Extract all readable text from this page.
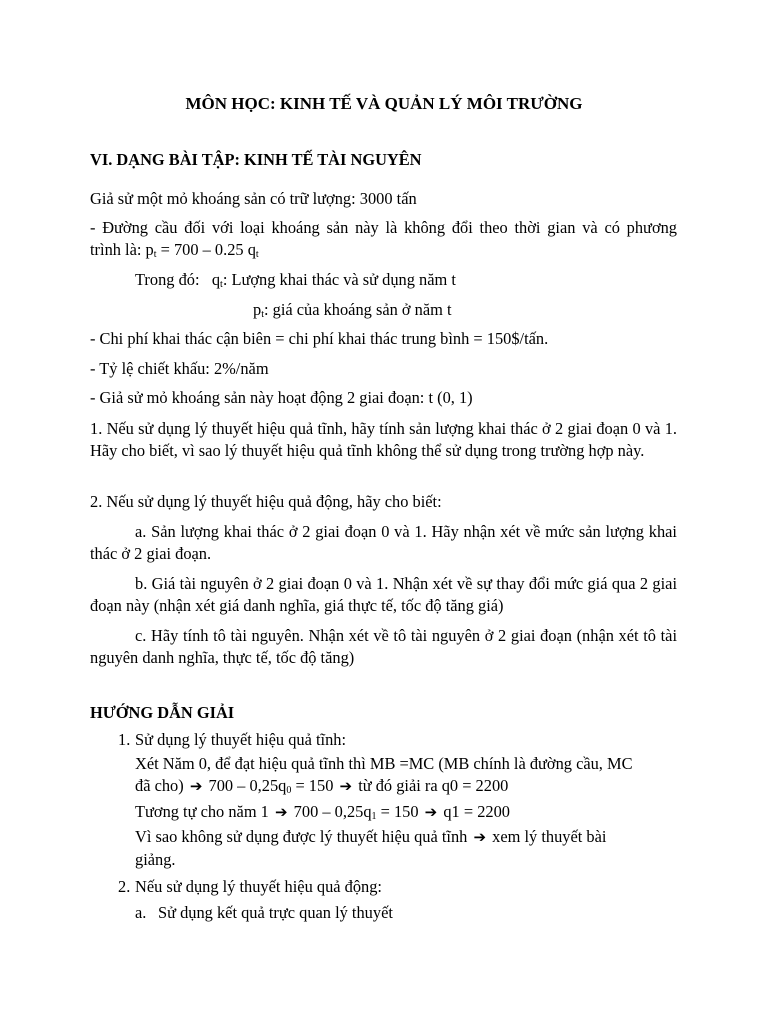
MÔN HỌC: KINH TẾ VÀ QUẢN LÝ MÔI TRƯỜNG
VI. DẠNG BÀI TẬP: KINH TẾ TÀI NGUYÊN
Giả sử một mỏ khoáng sản có trữ lượng: 3000 tấn
- Đường cầu đối với loại khoáng sản này là không đổi theo thời gian và có phương
trình là: $p_t = 700 - 0.25$ $q_t$
Trong đó: $q_t$: Lượng khai thác và sử dụng năm t
$p_t$: giá của khoáng sản ở năm t
- Chi phí khai thác cận biên = chi phí khai thác trung bình = 150$/tấn.
- Tỷ lệ chiết khấu: 2%/năm
- Giả sử mỏ khoáng sản này hoạt động 2 giai đoạn: t (0, 1)
1. Nếu sử dụng lý thuyết hiệu quả tĩnh, hãy tính sản lượng khai thác ở 2 giai đoạn 0 và 1. Hãy cho biết, vì sao lý thuyết hiệu quả tĩnh không thể sử dụng trong trường hợp này.
2. Nếu sử dụng lý thuyết hiệu quả động, hãy cho biết:
a. Sản lượng khai thác ở 2 giai đoạn 0 và 1. Hãy nhận xét về mức sản lượng khai thác ở 2 giai đoạn.
b. Giá tài nguyên ở 2 giai đoạn 0 và 1. Nhận xét về sự thay đổi mức giá qua 2 giai đoạn này (nhận xét giá danh nghĩa, giá thực tế, tốc độ tăng giá)
c. Hãy tính tô tài nguyên. Nhận xét về tô tài nguyên ở 2 giai đoạn (nhận xét tô tài nguyên danh nghĩa, thực tế, tốc độ tăng)
HƯỚNG DẪN GIẢI
1. Sử dụng lý thuyết hiệu quả tĩnh:
Xét Năm 0, để đạt hiệu quả tĩnh thì MB =MC (MB chính là đường cầu, MC
đã cho) ➔ $700 - 0,25q_0 = 150$ ➔ từ đó giải ra q0 = 2200
Tương tự cho năm 1 ➔ $700 - 0,25q_1 = 150$ ➔ q1 = 2200
Vì sao không sử dụng được lý thuyết hiệu quả tĩnh ➔ xem lý thuyết bài
giảng.
2. Nếu sử dụng lý thuyết hiệu quả động:
a. Sử dụng kết quả trực quan lý thuyết
